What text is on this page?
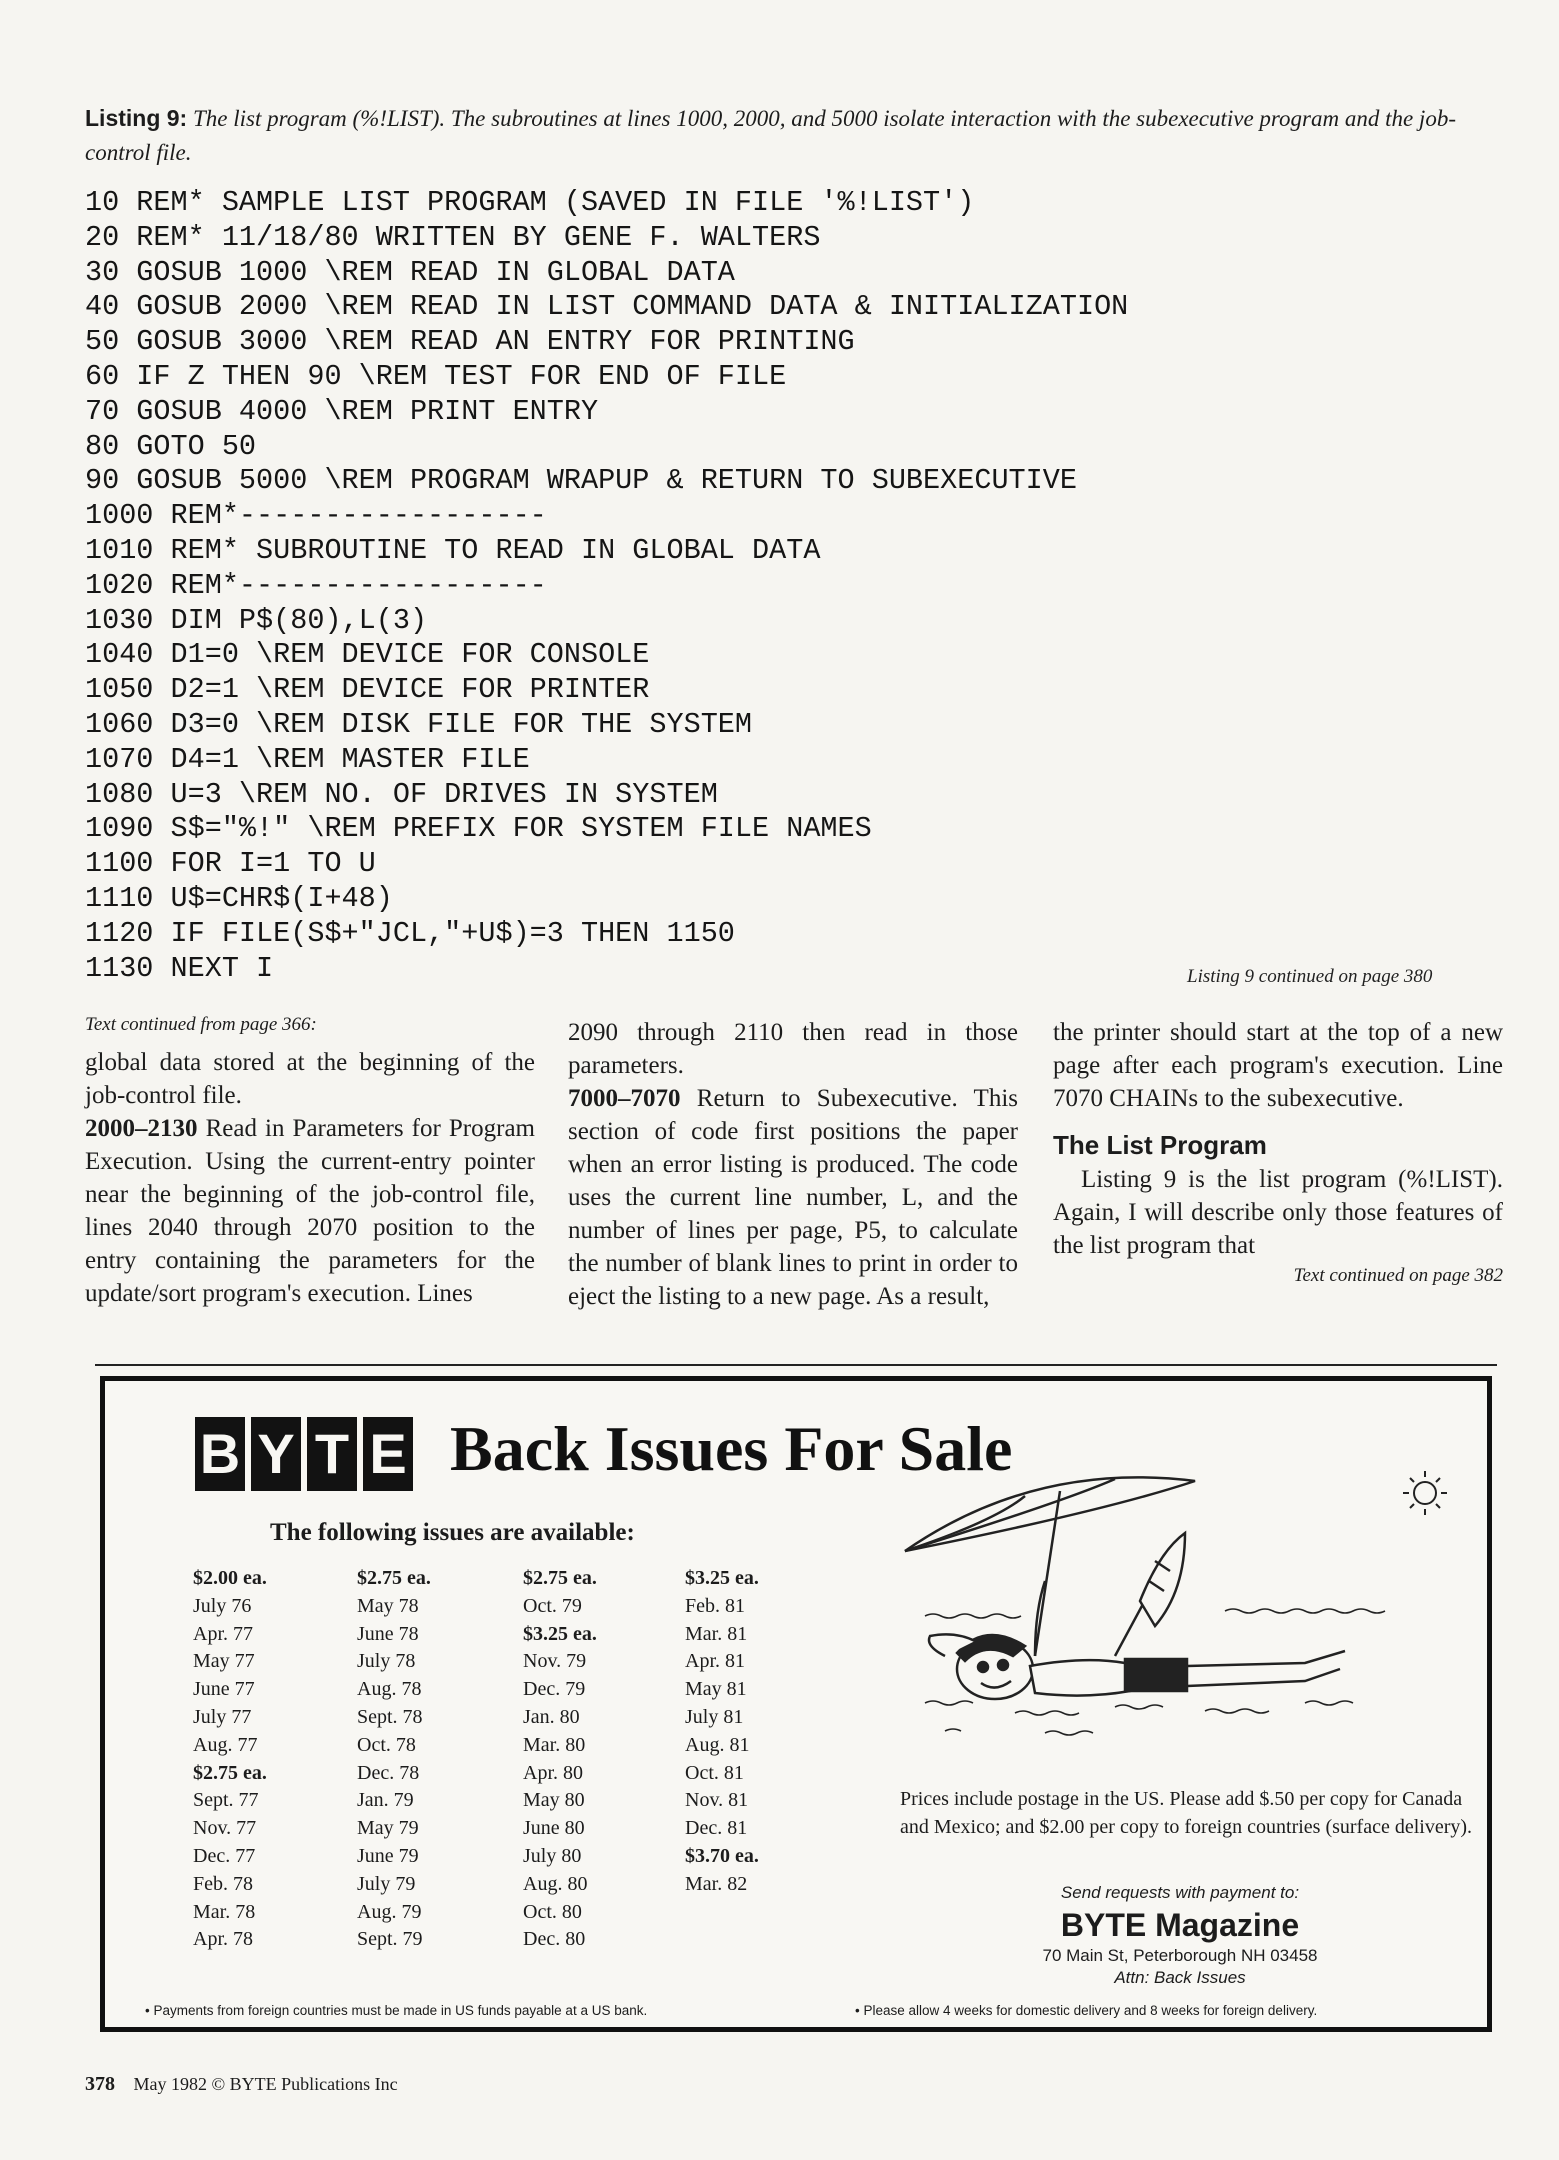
Listing 9: The list program (%!LIST). The subroutines at lines 1000, 2000, and 5000 isolate interaction with the subexecutive program and the job-control file.
10 REM* SAMPLE LIST PROGRAM (SAVED IN FILE '%!LIST')
20 REM* 11/18/80 WRITTEN BY GENE F. WALTERS
30 GOSUB 1000 \REM READ IN GLOBAL DATA
40 GOSUB 2000 \REM READ IN LIST COMMAND DATA & INITIALIZATION
50 GOSUB 3000 \REM READ AN ENTRY FOR PRINTING
60 IF Z THEN 90 \REM TEST FOR END OF FILE
70 GOSUB 4000 \REM PRINT ENTRY
80 GOTO 50
90 GOSUB 5000 \REM PROGRAM WRAPUP & RETURN TO SUBEXECUTIVE
1000 REM*------------------
1010 REM* SUBROUTINE TO READ IN GLOBAL DATA
1020 REM*------------------
1030 DIM P$(80),L(3)
1040 D1=0 \REM DEVICE FOR CONSOLE
1050 D2=1 \REM DEVICE FOR PRINTER
1060 D3=0 \REM DISK FILE FOR THE SYSTEM
1070 D4=1 \REM MASTER FILE
1080 U=3 \REM NO. OF DRIVES IN SYSTEM
1090 S$="%!" \REM PREFIX FOR SYSTEM FILE NAMES
1100 FOR I=1 TO U
1110 U$=CHR$(I+48)
1120 IF FILE(S$+"JCL,"+U$)=3 THEN 1150
1130 NEXT I	Listing 9 continued on page 380
Text continued from page 366:

global data stored at the beginning of the job-control file.

2000–2130 Read in Parameters for Program Execution. Using the current-entry pointer near the beginning of the job-control file, lines 2040 through 2070 position to the entry containing the parameters for the update/sort program's execution. Lines

2090 through 2110 then read in those parameters.

7000–7070 Return to Subexecutive. This section of code first positions the paper when an error listing is produced. The code uses the current line number, L, and the number of lines per page, P5, to calculate the number of blank lines to print in order to eject the listing to a new page. As a result,

the printer should start at the top of a new page after each program's execution. Line 7070 CHAINs to the subexecutive.

The List Program

Listing 9 is the list program (%!LIST). Again, I will describe only those features of the list program that

Text continued on page 382
B Y T E Back Issues For Sale
The following issues are available:
$2.00 ea.
July 76
Apr. 77
May 77
June 77
July 77
Aug. 77
$2.75 ea.
Sept. 77
Nov. 77
Dec. 77
Feb. 78
Mar. 78
Apr. 78
$2.75 ea.
May 78
June 78
July 78
Aug. 78
Sept. 78
Oct. 78
Dec. 78
Jan. 79
May 79
June 79
July 79
Aug. 79
Sept. 79
$2.75 ea.
Oct. 79
$3.25 ea.
Nov. 79
Dec. 79
Jan. 80
Mar. 80
Apr. 80
May 80
June 80
July 80
Aug. 80
Oct. 80
Dec. 80
$3.25 ea.
Feb. 81
Mar. 81
Apr. 81
May 81
July 81
Aug. 81
Oct. 81
Nov. 81
Dec. 81
$3.70 ea.
Mar. 82
Prices include postage in the US. Please add $.50 per copy for Canada and Mexico; and $2.00 per copy to foreign countries (surface delivery).
Send requests with payment to:
BYTE Magazine
70 Main St, Peterborough NH 03458
Attn: Back Issues
• Payments from foreign countries must be made in US funds payable at a US bank.	• Please allow 4 weeks for domestic delivery and 8 weeks for foreign delivery.
378 May 1982 © BYTE Publications Inc
